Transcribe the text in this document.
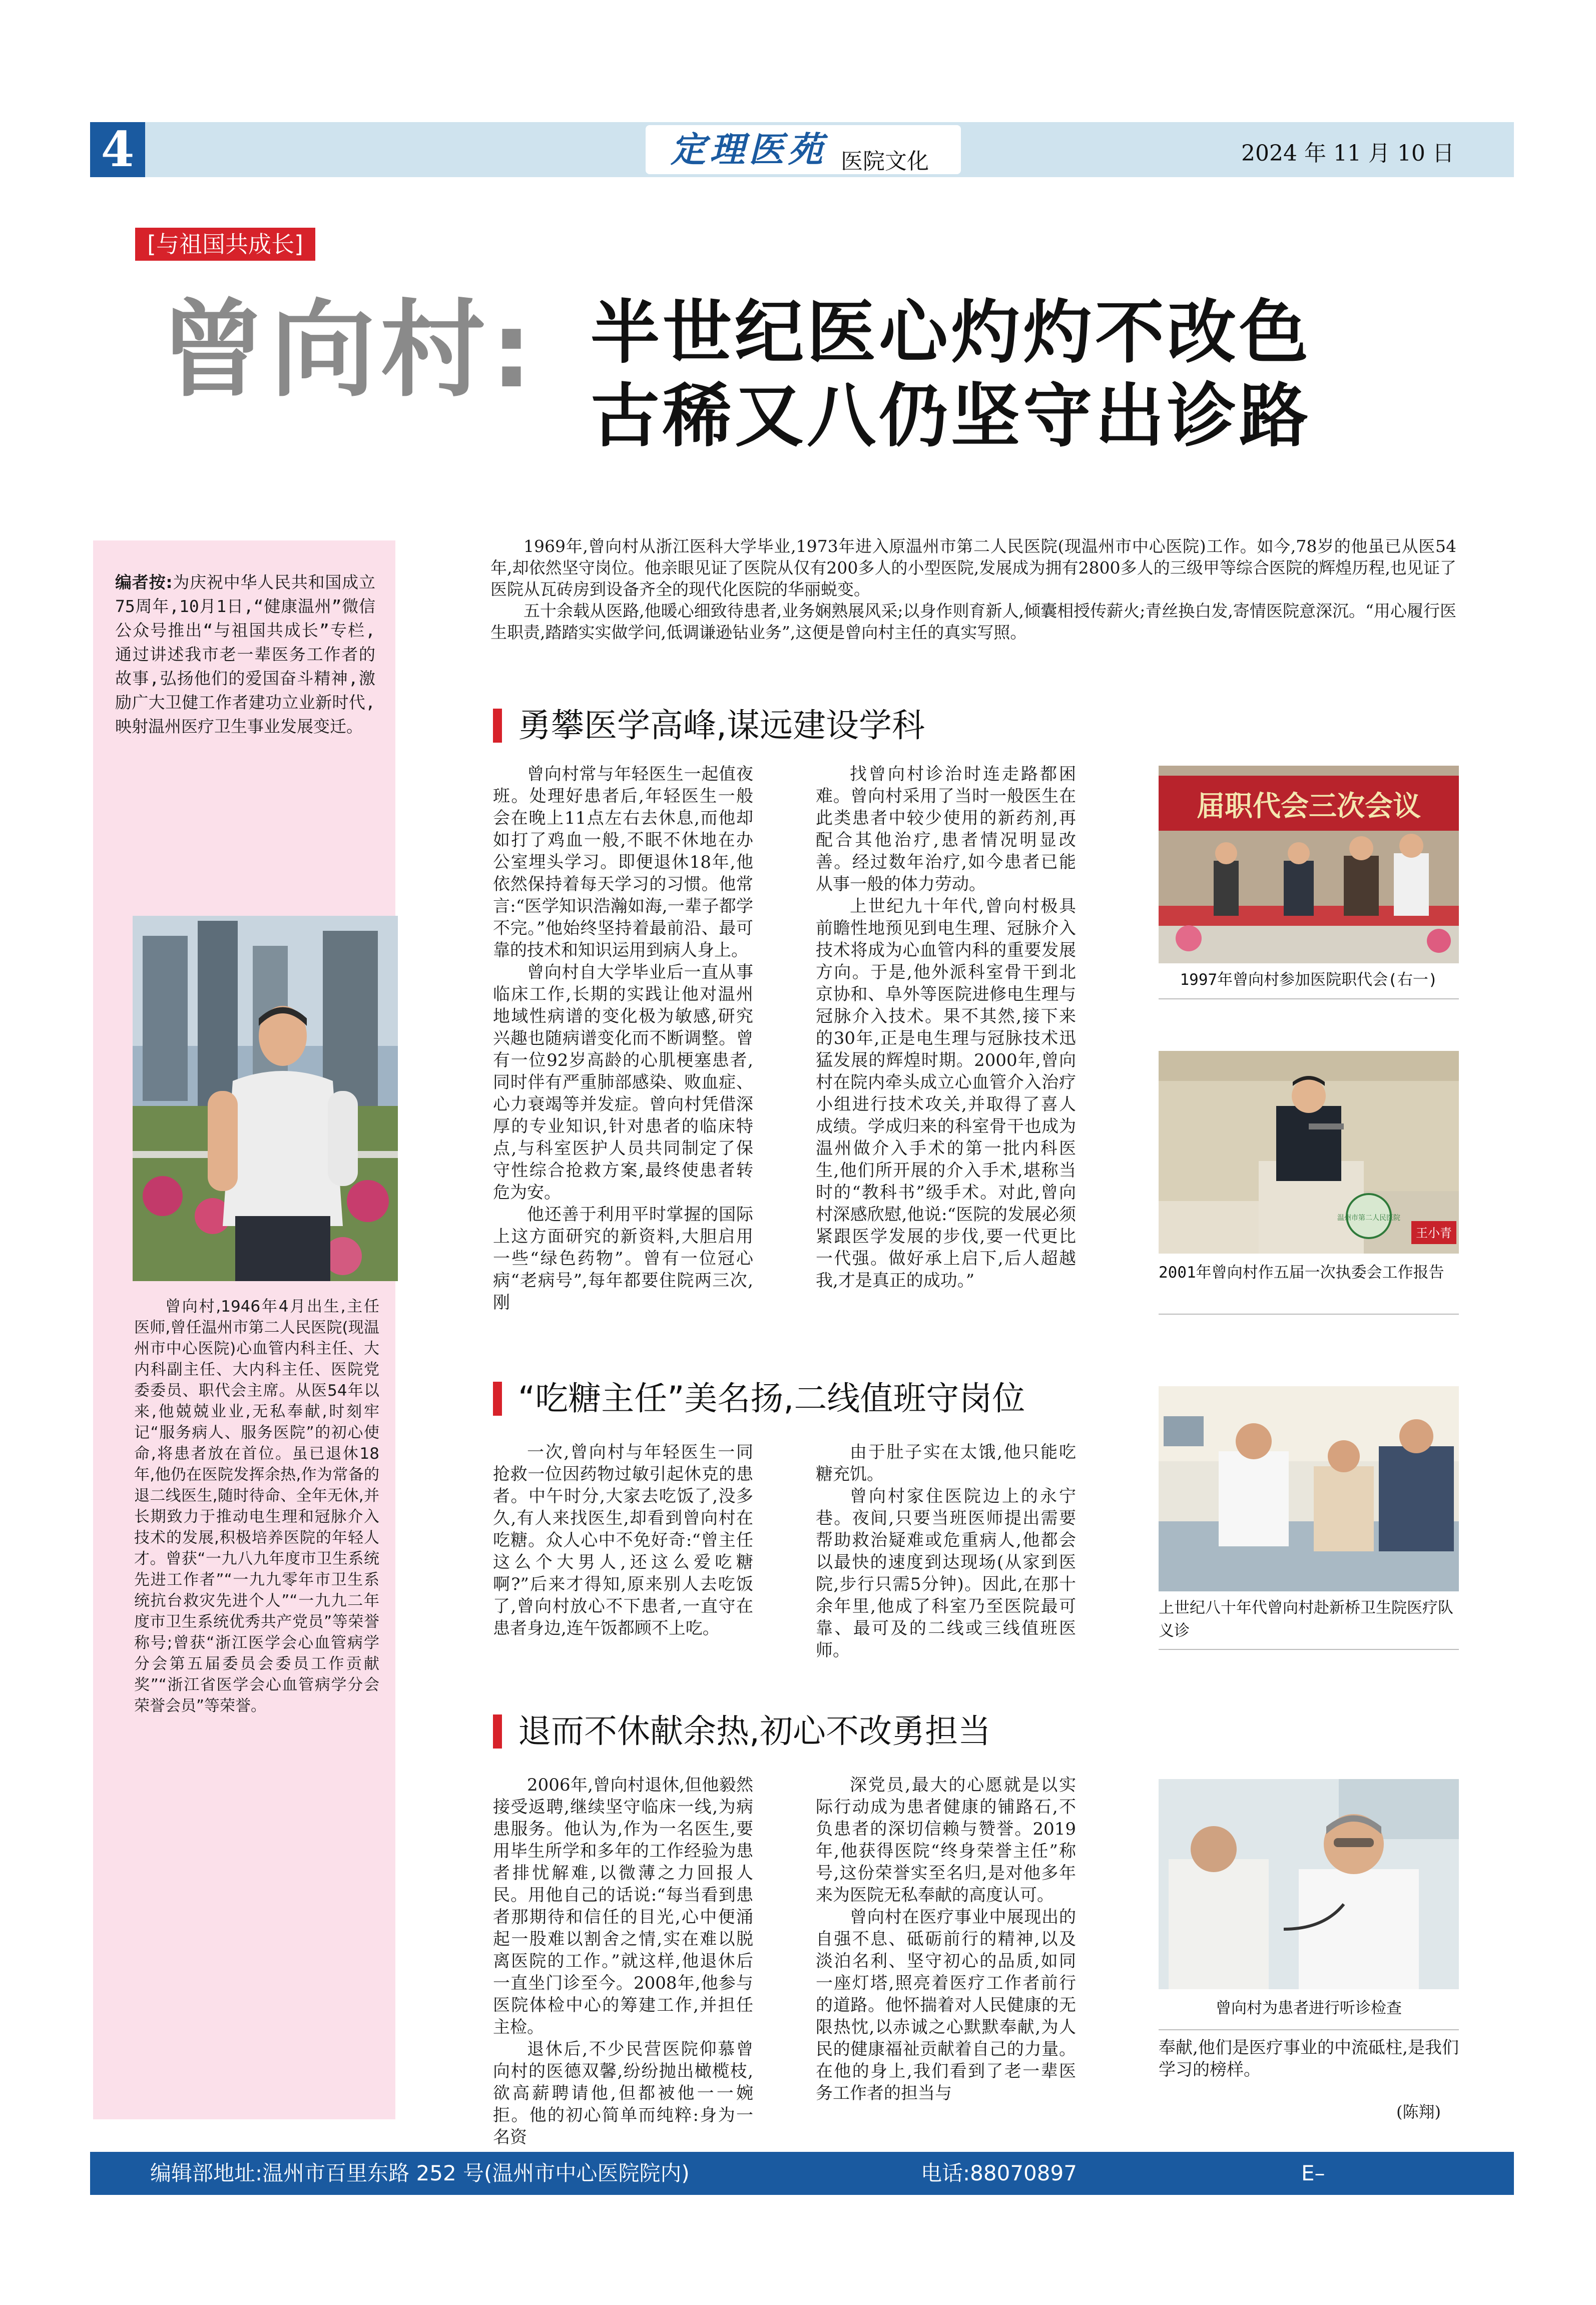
4	定理医苑 医院文化	2024 年 11 月 10 日
[与祖国共成长]
曾向村: 半世纪医心灼灼不改色
古稀又八仍坚守出诊路
编者按:为庆祝中华人民共和国成立75周年,10月1日,“健康温州”微信公众号推出“与祖国共成长”专栏,通过讲述我市老一辈医务工作者的故事,弘扬他们的爱国奋斗精神,激励广大卫健工作者建功立业新时代,映射温州医疗卫生事业发展变迁。
曾向村,1946年4月出生,主任医师,曾任温州市第二人民医院(现温州市中心医院)心血管内科主任、大内科副主任、大内科主任、医院党委委员、职代会主席。从医54年以来,他兢兢业业,无私奉献,时刻牢记“服务病人、服务医院”的初心使命,将患者放在首位。虽已退休18年,他仍在医院发挥余热,作为常备的退二线医生,随时待命、全年无休,并长期致力于推动电生理和冠脉介入技术的发展,积极培养医院的年轻人才。曾获“一九八九年度市卫生系统先进工作者”“一九九零年市卫生系统抗台救灾先进个人”“一九九二年度市卫生系统优秀共产党员”等荣誉称号;曾获“浙江医学会心血管病学分会第五届委员会委员工作贡献奖”“浙江省医学会心血管病学分会荣誉会员”等荣誉。

1969年,曾向村从浙江医科大学毕业,1973年进入原温州市第二人民医院(现温州市中心医院)工作。如今,78岁的他虽已从医54年,却依然坚守岗位。他亲眼见证了医院从仅有200多人的小型医院,发展成为拥有2800多人的三级甲等综合医院的辉煌历程,也见证了医院从瓦砖房到设备齐全的现代化医院的华丽蜕变。

五十余载从医路,他暖心细致待患者,业务娴熟展风采;以身作则育新人,倾囊相授传薪火;青丝换白发,寄情医院意深沉。“用心履行医生职责,踏踏实实做学问,低调谦逊钻业务”,这便是曾向村主任的真实写照。

勇攀医学高峰,谋远建设学科

曾向村常与年轻医生一起值夜班。处理好患者后,年轻医生一般会在晚上11点左右去休息,而他却如打了鸡血一般,不眠不休地在办公室埋头学习。即便退休18年,他依然保持着每天学习的习惯。他常言:“医学知识浩瀚如海,一辈子都学不完。”他始终坚持着最前沿、最可靠的技术和知识运用到病人身上。

曾向村自大学毕业后一直从事临床工作,长期的实践让他对温州地域性病谱的变化极为敏感,研究兴趣也随病谱变化而不断调整。曾有一位92岁高龄的心肌梗塞患者,同时伴有严重肺部感染、败血症、心力衰竭等并发症。曾向村凭借深厚的专业知识,针对患者的临床特点,与科室医护人员共同制定了保守性综合抢救方案,最终使患者转危为安。

他还善于利用平时掌握的国际上这方面研究的新资料,大胆启用一些“绿色药物”。曾有一位冠心病“老病号”,每年都要住院两三次,刚

找曾向村诊治时连走路都困难。曾向村采用了当时一般医生在此类患者中较少使用的新药剂,再配合其他治疗,患者情况明显改善。经过数年治疗,如今患者已能从事一般的体力劳动。

上世纪九十年代,曾向村极具前瞻性地预见到电生理、冠脉介入技术将成为心血管内科的重要发展方向。于是,他外派科室骨干到北京协和、阜外等医院进修电生理与冠脉介入技术。果不其然,接下来的30年,正是电生理与冠脉技术迅猛发展的辉煌时期。2000年,曾向村在院内牵头成立心血管介入治疗小组进行技术攻关,并取得了喜人成绩。学成归来的科室骨干也成为温州做介入手术的第一批内科医生,他们所开展的介入手术,堪称当时的“教科书”级手术。对此,曾向村深感欣慰,他说:“医院的发展必须紧跟医学发展的步伐,要一代更比一代强。做好承上启下,后人超越我,才是真正的成功。”

届职代会三次会议
1997年曾向村参加医院职代会(右一)
温州市第二人民医院
王小青
2001年曾向村作五届一次执委会工作报告
“吃糖主任”美名扬,二线值班守岗位

一次,曾向村与年轻医生一同抢救一位因药物过敏引起休克的患者。中午时分,大家去吃饭了,没多久,有人来找医生,却看到曾向村在吃糖。众人心中不免好奇:“曾主任这么个大男人,还这么爱吃糖啊?”后来才得知,原来别人去吃饭了,曾向村放心不下患者,一直守在患者身边,连午饭都顾不上吃。

由于肚子实在太饿,他只能吃糖充饥。

曾向村家住医院边上的永宁巷。夜间,只要当班医师提出需要帮助救治疑难或危重病人,他都会以最快的速度到达现场(从家到医院,步行只需5分钟)。因此,在那十余年里,他成了科室乃至医院最可靠、最可及的二线或三线值班医师。

上世纪八十年代曾向村赴新桥卫生院医疗队义诊
退而不休献余热,初心不改勇担当

2006年,曾向村退休,但他毅然接受返聘,继续坚守临床一线,为病患服务。他认为,作为一名医生,要用毕生所学和多年的工作经验为患者排忧解难,以微薄之力回报人民。用他自己的话说:“每当看到患者那期待和信任的目光,心中便涌起一股难以割舍之情,实在难以脱离医院的工作。”就这样,他退休后一直坐门诊至今。2008年,他参与医院体检中心的筹建工作,并担任主检。

退休后,不少民营医院仰慕曾向村的医德双馨,纷纷抛出橄榄枝,欲高薪聘请他,但都被他一一婉拒。他的初心简单而纯粹:身为一名资

深党员,最大的心愿就是以实际行动成为患者健康的铺路石,不负患者的深切信赖与赞誉。2019年,他获得医院“终身荣誉主任”称号,这份荣誉实至名归,是对他多年来为医院无私奉献的高度认可。

曾向村在医疗事业中展现出的自强不息、砥砺前行的精神,以及淡泊名利、坚守初心的品质,如同一座灯塔,照亮着医疗工作者前行的道路。他怀揣着对人民健康的无限热忱,以赤诚之心默默奉献,为人民的健康福祉贡献着自己的力量。在他的身上,我们看到了老一辈医务工作者的担当与

曾向村为患者进行听诊检查

奉献,他们是医疗事业的中流砥柱,是我们学习的榜样。

(陈翔)
编辑部地址:温州市百里东路 252 号(温州市中心医院院内)	电话:88070897	E–mail:wzeyyb@126.com
